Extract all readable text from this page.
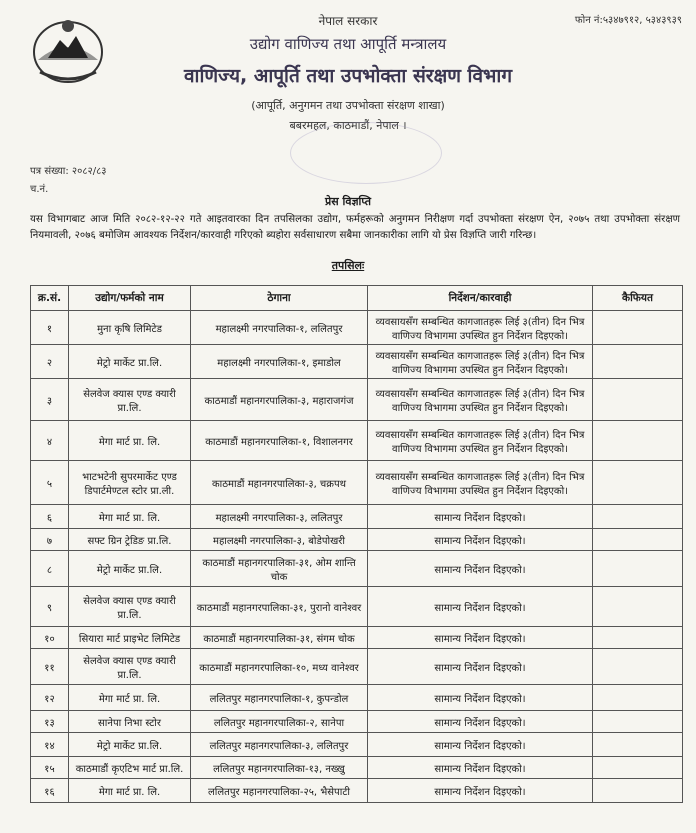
नेपाल सरकार	फोन नं:५३४७९१२, ५३४३९३९
उद्योग वाणिज्य तथा आपूर्ति मन्त्रालय
वाणिज्य, आपूर्ति तथा उपभोक्ता संरक्षण विभाग
(आपूर्ति, अनुगमन तथा उपभोक्ता संरक्षण शाखा)
बबरमहल, काठमाडौं, नेपाल ।
पत्र संख्या: २०८२/८३
च.नं.
प्रेस विज्ञप्ति
यस विभागबाट आज मिति २०८२-१२-२२ गते आइतवारका दिन तपसिलका उद्योग, फर्महरूको अनुगमन निरीक्षण गर्दा उपभोक्ता संरक्षण ऐन, २०७५ तथा उपभोक्ता संरक्षण नियमावली, २०७६ बमोजिम आवश्यक निर्देशन/कारवाही गरिएको ब्यहोरा सर्वसाधारण सबैमा जानकारीका लागि यो प्रेस विज्ञप्ति जारी गरिन्छ।
तपसिलः
क्र.सं.	उद्योग/फर्मको नाम	ठेगाना	निर्देशन/कारवाही	कैफियत
१	मुना कृषि लिमिटेड	महालक्ष्मी नगरपालिका-१, ललितपुर	व्यवसायसँग सम्बन्धित कागजातहरू लिई ३(तीन) दिन भित्र वाणिज्य विभागमा उपस्थित हुन निर्देशन दिइएको।	
२	मेट्रो मार्केट प्रा.लि.	महालक्ष्मी नगरपालिका-१, इमाडोल	व्यवसायसँग सम्बन्धित कागजातहरू लिई ३(तीन) दिन भित्र वाणिज्य विभागमा उपस्थित हुन निर्देशन दिइएको।	
३	सेलवेज क्यास एण्ड क्यारी प्रा.लि.	काठमाडौं महानगरपालिका-३, महाराजगंज	व्यवसायसँग सम्बन्धित कागजातहरू लिई ३(तीन) दिन भित्र वाणिज्य विभागमा उपस्थित हुन निर्देशन दिइएको।	
४	मेगा मार्ट प्रा. लि.	काठमाडौं महानगरपालिका-१, विशालनगर	व्यवसायसँग सम्बन्धित कागजातहरू लिई ३(तीन) दिन भित्र वाणिज्य विभागमा उपस्थित हुन निर्देशन दिइएको।	
५	भाटभटेनी सुपरमार्केट एण्ड डिपार्टमेण्टल स्टोर प्रा.ली.	काठमाडौं महानगरपालिका-३, चक्रपथ	व्यवसायसँग सम्बन्धित कागजातहरू लिई ३(तीन) दिन भित्र वाणिज्य विभागमा उपस्थित हुन निर्देशन दिइएको।	
६	मेगा मार्ट प्रा. लि.	महालक्ष्मी नगरपालिका-३, ललितपुर	सामान्य निर्देशन दिइएको।	
७	सफ्ट ग्रिन ट्रेडिङ प्रा.लि.	महालक्ष्मी नगरपालिका-३, बोडेपोखरी	सामान्य निर्देशन दिइएको।	
८	मेट्रो मार्केट प्रा.लि.	काठमाडौं महानगरपालिका-३१, ओम शान्ति चोक	सामान्य निर्देशन दिइएको।	
९	सेलवेज क्यास एण्ड क्यारी प्रा.लि.	काठमाडौं महानगरपालिका-३१, पुरानो वानेश्वर	सामान्य निर्देशन दिइएको।	
१०	सियारा मार्ट प्राइभेट लिमिटेड	काठमाडौं महानगरपालिका-३१, संगम चोक	सामान्य निर्देशन दिइएको।	
११	सेलवेज क्यास एण्ड क्यारी प्रा.लि.	काठमाडौं महानगरपालिका-१०, मध्य वानेश्वर	सामान्य निर्देशन दिइएको।	
१२	मेगा मार्ट प्रा. लि.	ललितपुर महानगरपालिका-१, कुपन्डोल	सामान्य निर्देशन दिइएको।	
१३	सानेपा निभा स्टोर	ललितपुर महानगरपालिका-२, सानेपा	सामान्य निर्देशन दिइएको।	
१४	मेट्रो मार्केट प्रा.लि.	ललितपुर महानगरपालिका-३, ललितपुर	सामान्य निर्देशन दिइएको।	
१५	काठमाडौं कृएटिभ मार्ट प्रा.लि.	ललितपुर महानगरपालिका-१३, नख्खु	सामान्य निर्देशन दिइएको।	
१६	मेगा मार्ट प्रा. लि.	ललितपुर महानगरपालिका-२५, भैसेपाटी	सामान्य निर्देशन दिइएको।	
